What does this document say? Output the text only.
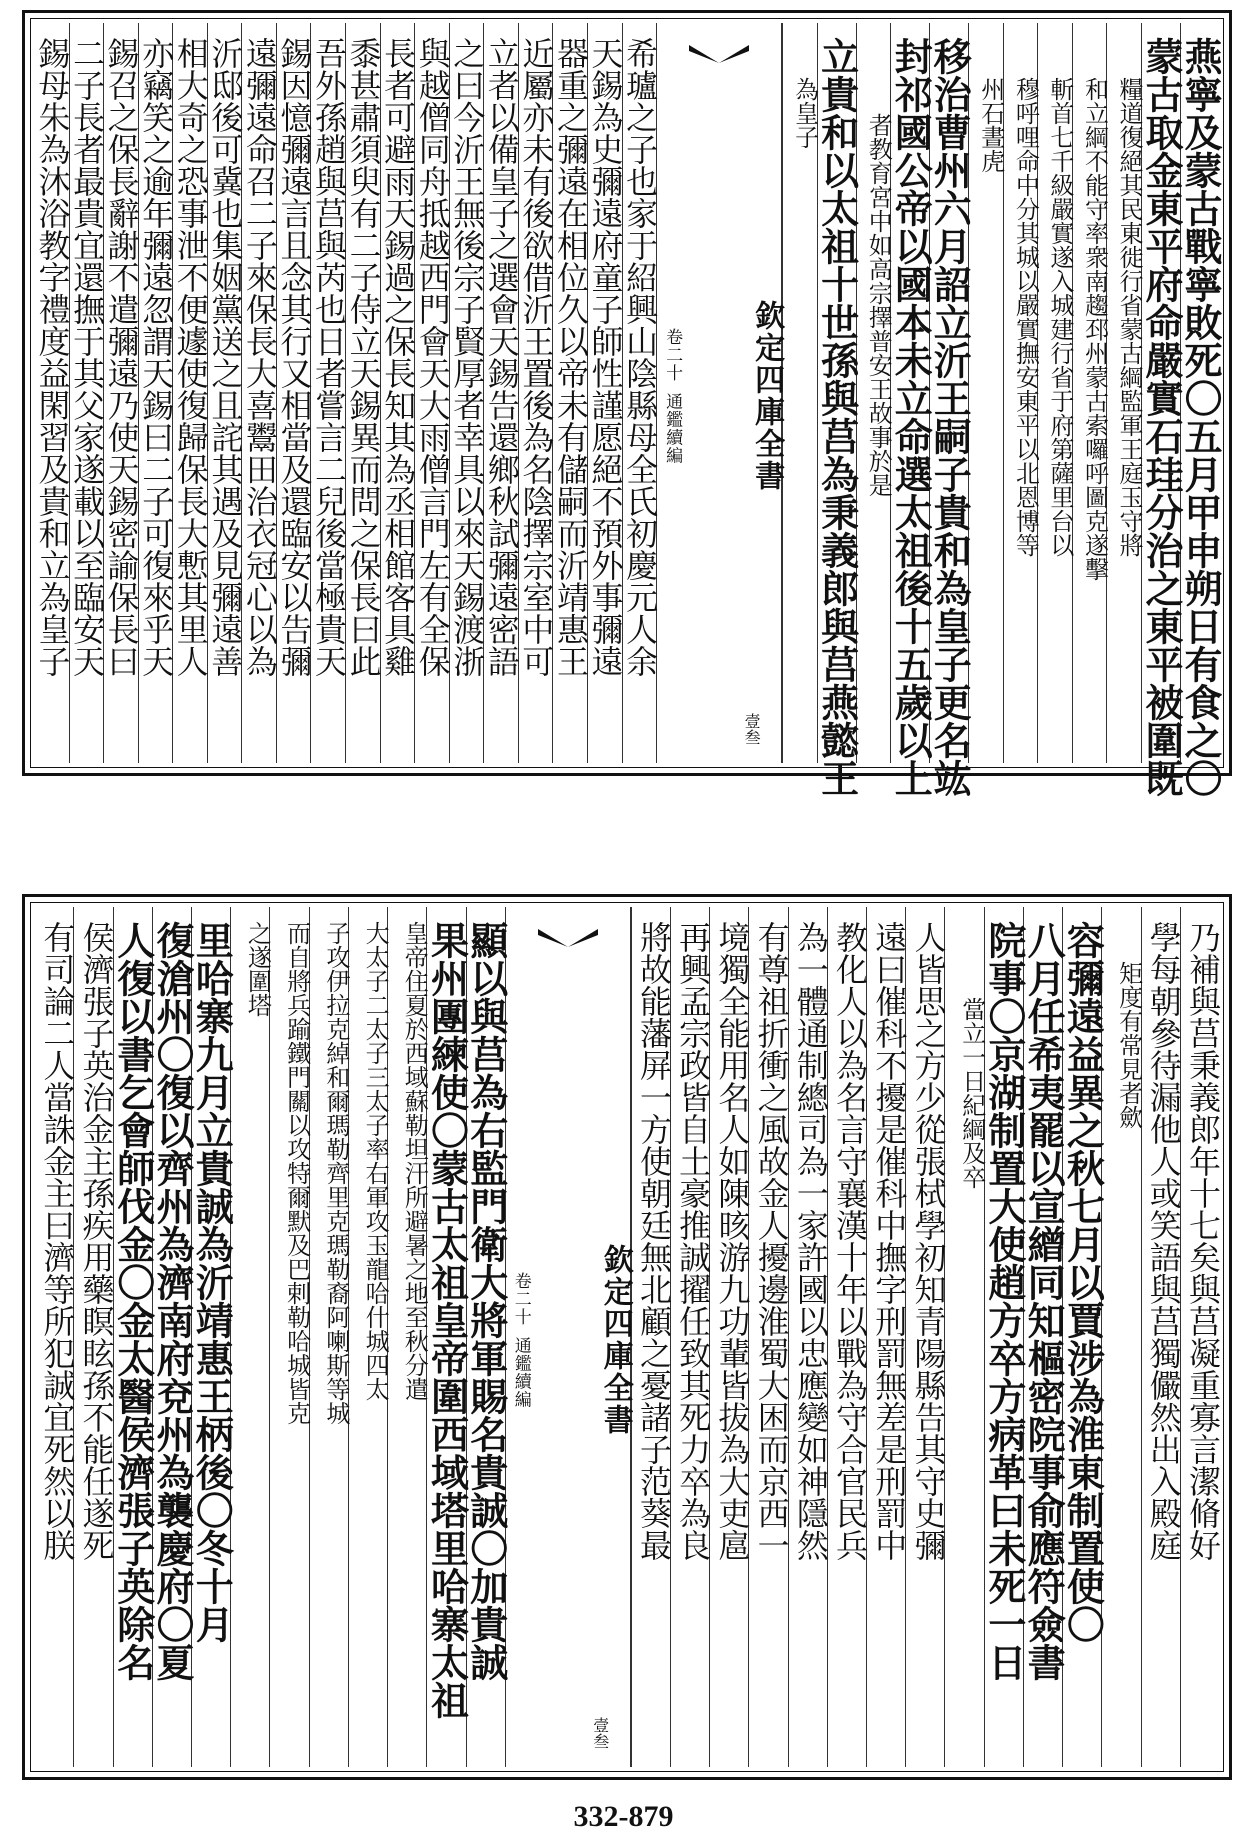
燕寧及蒙古戰寧敗死〇五月甲申朔日有食之〇
蒙古取金東平府命嚴實石珪分治之東平被圍既
糧道復絕其民東徙行省蒙古綱監軍王庭玉守將
和立綱不能守率衆南趨邳州蒙古索囉呼圖克遂擊
斬首七千級嚴實遂入城建行省于府第薩里台以
穆呼哩命中分其城以嚴實撫安東平以北恩博等
州石晝虎
移治曹州六月詔立沂王嗣子貴和為皇子更名竑
封祁國公帝以國本未立命選太祖後十五歲以上
者教育宮中如高宗擇普安王故事於是
立貴和以太祖十世孫與莒為秉義郎與莒燕懿王
為皇子
欽定四庫全書
卷二十 通鑑續編
壹叁
希瓐之子也家于紹興山陰縣母全氏初慶元人余
天錫為史彌遠府童子師性謹愿絕不預外事彌遠
器重之彌遠在相位久以帝未有儲嗣而沂靖惠王
近屬亦未有後欲借沂王置後為名陰擇宗室中可
立者以備皇子之選會天錫告還鄉秋試彌遠密語
之曰今沂王無後宗子賢厚者幸具以來天錫渡浙
與越僧同舟抵越西門會天大雨僧言門左有全保
長者可避雨天錫過之保長知其為丞相館客具雞
黍甚肅須臾有二子侍立天錫異而問之保長曰此
吾外孫趙與莒與芮也日者嘗言二兒後當極貴天
錫因憶彌遠言且念其行又相當及還臨安以告彌
遠彌遠命召二子來保長大喜鬻田治衣冠心以為
沂邸後可冀也集姻黨送之且詫其遇及見彌遠善
相大奇之恐事泄不便遽使復歸保長大慙其里人
亦竊笑之逾年彌遠忽謂天錫曰二子可復來乎天
錫召之保長辭謝不遣彌遠乃使天錫密諭保長曰
二子長者最貴宜還撫于其父家遂載以至臨安天
錫母朱為沐浴教字禮度益閑習及貴和立為皇子
乃補與莒秉義郎年十七矣與莒凝重寡言潔脩好
學每朝參待漏他人或笑語與莒獨儼然出入殿庭
矩度有常見者歛
容彌遠益異之秋七月以賈涉為淮東制置使〇
八月任希夷罷以宣繒同知樞密院事俞應符僉書
院事〇京湖制置大使趙方卒方病革曰未死一日
當立一日紀綱及卒
人皆思之方少從張栻學初知青陽縣告其守史彌
遠曰催科不擾是催科中撫字刑罰無差是刑罰中
教化人以為名言守襄漢十年以戰為守合官民兵
為一體通制總司為一家許國以忠應變如神隱然
有尊祖折衝之風故金人擾邊淮蜀大困而京西一
境獨全能用名人如陳晐游九功輩皆拔為大吏扈
再興孟宗政皆自土豪推誠擢任致其死力卒為良
將故能藩屏一方使朝廷無北顧之憂諸子范葵最
欽定四庫全書
卷二十 通鑑續編
壹叁
顯以與莒為右監門衛大將軍賜名貴誠〇加貴誠
果州團練使〇蒙古太祖皇帝圍西域塔里哈寨太祖
皇帝住夏於西域蘇勒坦汗所避暑之地至秋分遣
大太子二太子三太子率右軍攻玉龍哈什城四太
子攻伊拉克綽和爾瑪勒齊里克瑪勒裔阿喇斯等城
而自將兵踰鐵門關以攻特爾默及巴剌勒哈城皆克
之遂圍塔
里哈寨九月立貴誠為沂靖惠王柄後〇冬十月
復滄州〇復以齊州為濟南府兗州為襲慶府〇夏
人復以書乞會師伐金〇金太醫侯濟張子英除名
侯濟張子英治金主孫疾用藥瞑眩孫不能任遂死
有司論二人當誅金主曰濟等所犯誠宜死然以朕
332-879
